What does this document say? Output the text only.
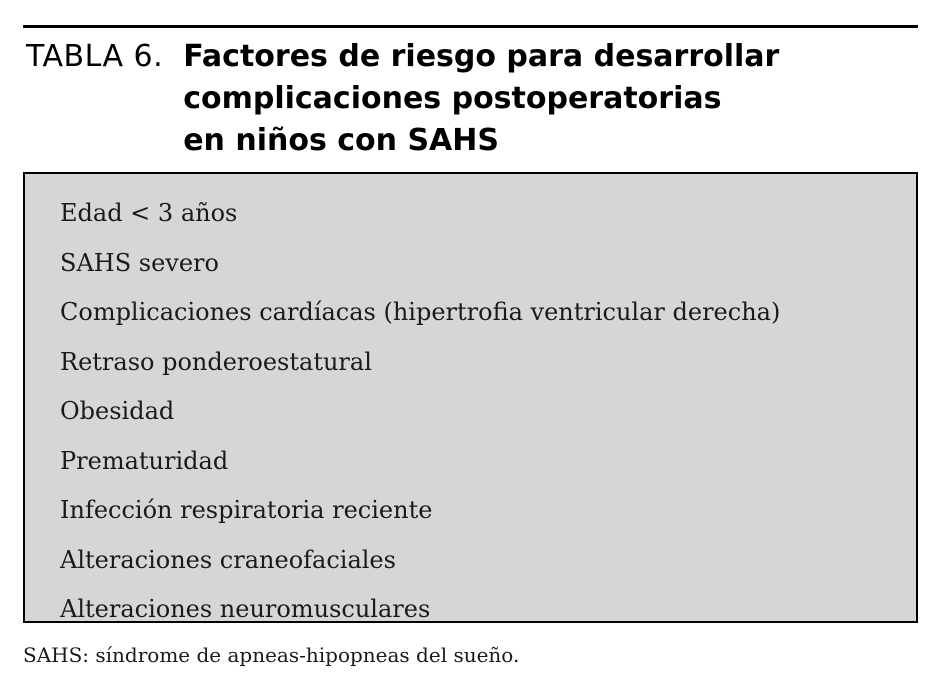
TABLA 6. Factores de riesgo para desarrollar
complicaciones postoperatorias
en niños con SAHS
Edad < 3 años
SAHS severo
Complicaciones cardíacas (hipertrofia ventricular derecha)
Retraso ponderoestatural
Obesidad
Prematuridad
Infección respiratoria reciente
Alteraciones craneofaciales
Alteraciones neuromusculares
SAHS: síndrome de apneas-hipopneas del sueño.
